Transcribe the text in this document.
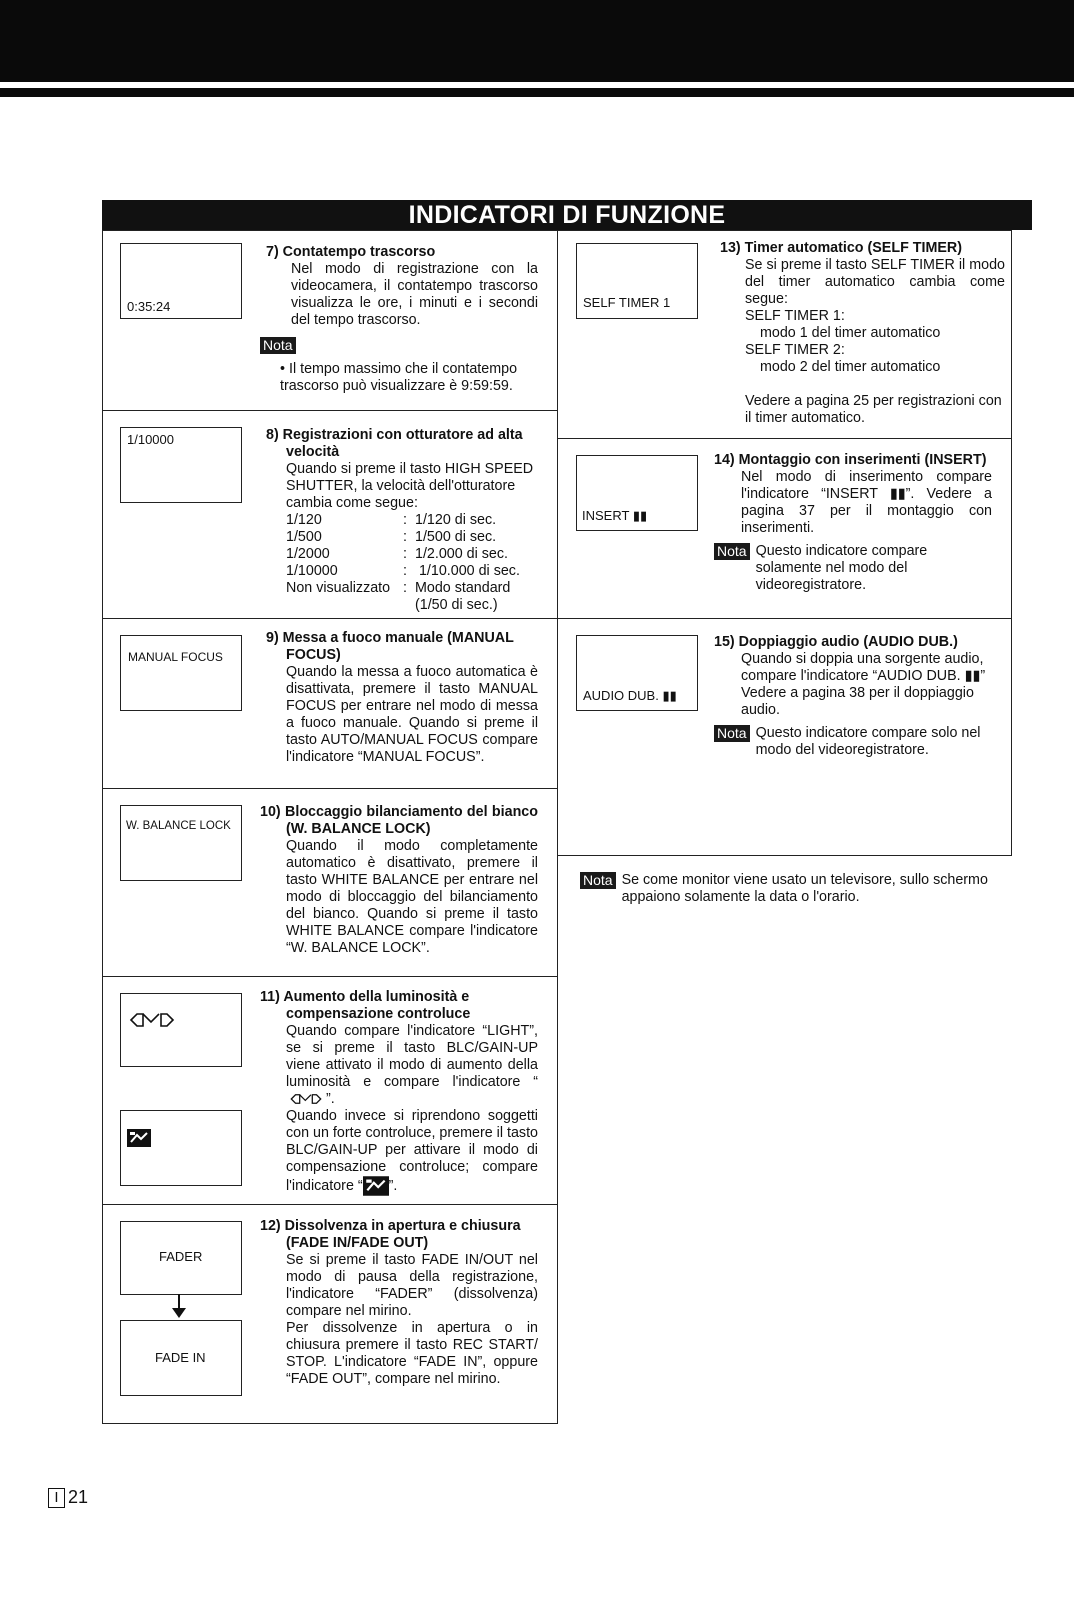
INDICATORI DI FUNZIONE
0:35:24

7) Contatempo trascorso

Nel modo di registrazione con la videocamera, il contatempo trascorso visualizza le ore, i minuti e i secondi del tempo trascorso.

Nota

• Il tempo massimo che il contatempo trascorso può visualizzare è 9:59:59.

1/10000	8) Registrazioni con otturatore ad alta velocità

Quando si preme il tasto HIGH SPEED SHUTTER, la velocità dell'otturatore cambia come segue:

1/120	: 1/120 di sec.
1/500	: 1/500 di sec.
1/2000	: 1/2.000 di sec.
1/10000	: 1/10.000 di sec.
Non visualizzato : Modo standard
(1/50 di sec.)
MANUAL FOCUS

9) Messa a fuoco manuale (MANUAL FOCUS)

Quando la messa a fuoco automatica è disattivata, premere il tasto MANUAL FOCUS per entrare nel modo di messa a fuoco manuale. Quando si preme il tasto AUTO/MANUAL FOCUS compare l'indicatore “MANUAL FOCUS”.

W. BALANCE LOCK

10) Bloccaggio bilanciamento del bianco (W. BALANCE LOCK)

Quando il modo completamente automatico è disattivato, premere il tasto WHITE BALANCE per entrare nel modo di bloccaggio del bilanciamento del bianco. Quando si preme il tasto WHITE BALANCE compare l'indicatore “W. BALANCE LOCK”.

11) Aumento della luminosità e compensazione controluce

Quando compare l'indicatore “LIGHT”, se si preme il tasto BLC/GAIN-UP viene attivato il modo di aumento della luminosità e compare l'indicatore “”.

Quando invece si riprendono soggetti con un forte controluce, premere il tasto BLC/GAIN-UP per attivare il modo di compensazione controluce; compare l'indicatore “ ”.

FADER
FADE IN

12) Dissolvenza in apertura e chiusura (FADE IN/FADE OUT)

Se si preme il tasto FADE IN/OUT nel modo di pausa della registrazione, l'indicatore “FADER” (dissolvenza) compare nel mirino.

Per dissolvenze in apertura o in chiusura premere il tasto REC START/ STOP. L'indicatore “FADE IN”, oppure “FADE OUT”, compare nel mirino.

SELF TIMER 1

13) Timer automatico (SELF TIMER)

Se si preme il tasto SELF TIMER il modo del timer automatico cambia come segue:

SELF TIMER 1:

modo 1 del timer automatico

SELF TIMER 2:

modo 2 del timer automatico

Vedere a pagina 25 per registrazioni con il timer automatico.

INSERT ▮▮

14) Montaggio con inserimenti (INSERT)

Nel modo di inserimento compare l'indicatore “INSERT ▮▮”. Vedere a pagina 37 per il montaggio con inserimenti.

Nota Questo indicatore compare solamente nel modo del videoregistratore.
AUDIO DUB. ▮▮

15) Doppiaggio audio (AUDIO DUB.)

Quando si doppia una sorgente audio, compare l'indicatore “AUDIO DUB. ▮▮” Vedere a pagina 38 per il doppiaggio audio.

Nota Questo indicatore compare solo nel modo del videoregistratore.
Nota Se come monitor viene usato un televisore, sullo schermo appaiono solamente la data o l'orario.
I 21
